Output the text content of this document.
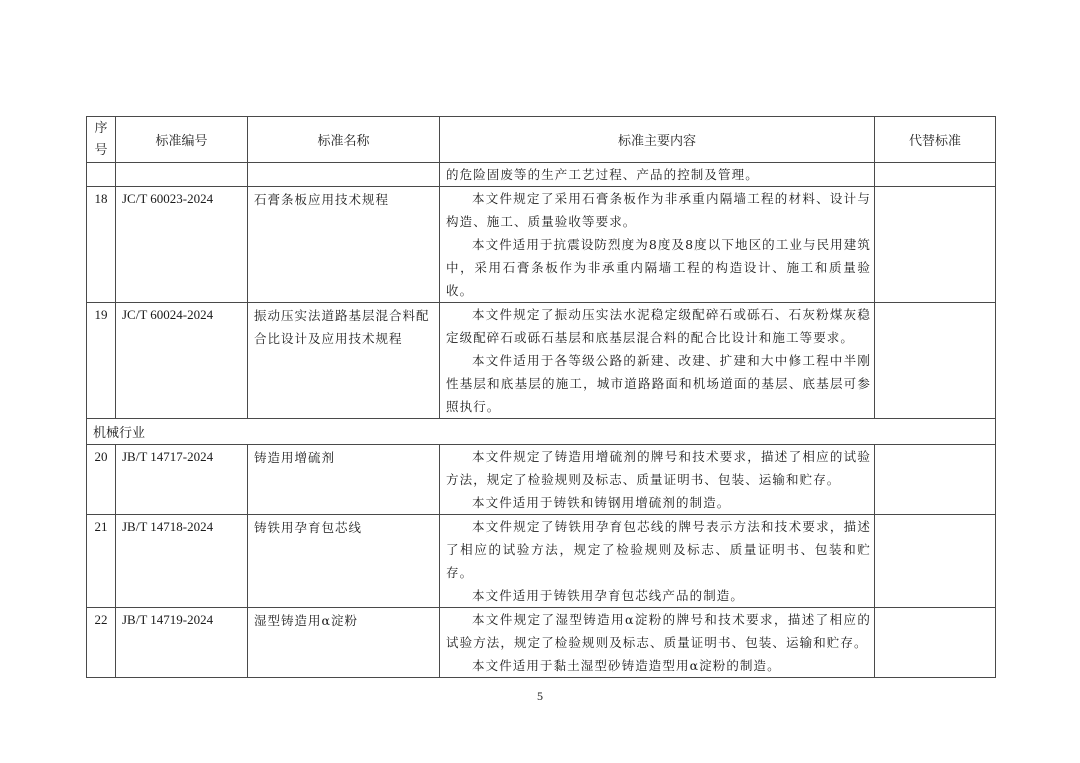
序
号	标准编号	标准名称	标准主要内容	代替标准

			的危险固废等的生产工艺过程、产品的控制及管理。	

18	JC/T 60023-2024	石膏条板应用技术规程	本文件规定了采用石膏条板作为非承重内隔墙工程的材料、设计与构造、施工、质量验收等要求。

本文件适用于抗震设防烈度为8度及8度以下地区的工业与民用建筑中，采用石膏条板作为非承重内隔墙工程的构造设计、施工和质量验收。	

19	JC/T 60024-2024	振动压实法道路基层混合料配合比设计及应用技术规程	本文件规定了振动压实法水泥稳定级配碎石或砾石、石灰粉煤灰稳定级配碎石或砾石基层和底基层混合料的配合比设计和施工等要求。

本文件适用于各等级公路的新建、改建、扩建和大中修工程中半刚性基层和底基层的施工，城市道路路面和机场道面的基层、底基层可参照执行。	

机械行业				
20	JB/T 14717-2024	铸造用增硫剂	本文件规定了铸造用增硫剂的牌号和技术要求，描述了相应的试验方法，规定了检验规则及标志、质量证明书、包装、运输和贮存。

本文件适用于铸铁和铸钢用增硫剂的制造。	

21	JB/T 14718-2024	铸铁用孕育包芯线	本文件规定了铸铁用孕育包芯线的牌号表示方法和技术要求，描述了相应的试验方法，规定了检验规则及标志、质量证明书、包装和贮存。

本文件适用于铸铁用孕育包芯线产品的制造。	

22	JB/T 14719-2024	湿型铸造用α淀粉	本文件规定了湿型铸造用α淀粉的牌号和技术要求，描述了相应的试验方法，规定了检验规则及标志、质量证明书、包装、运输和贮存。

本文件适用于黏土湿型砂铸造造型用α淀粉的制造。	

5
